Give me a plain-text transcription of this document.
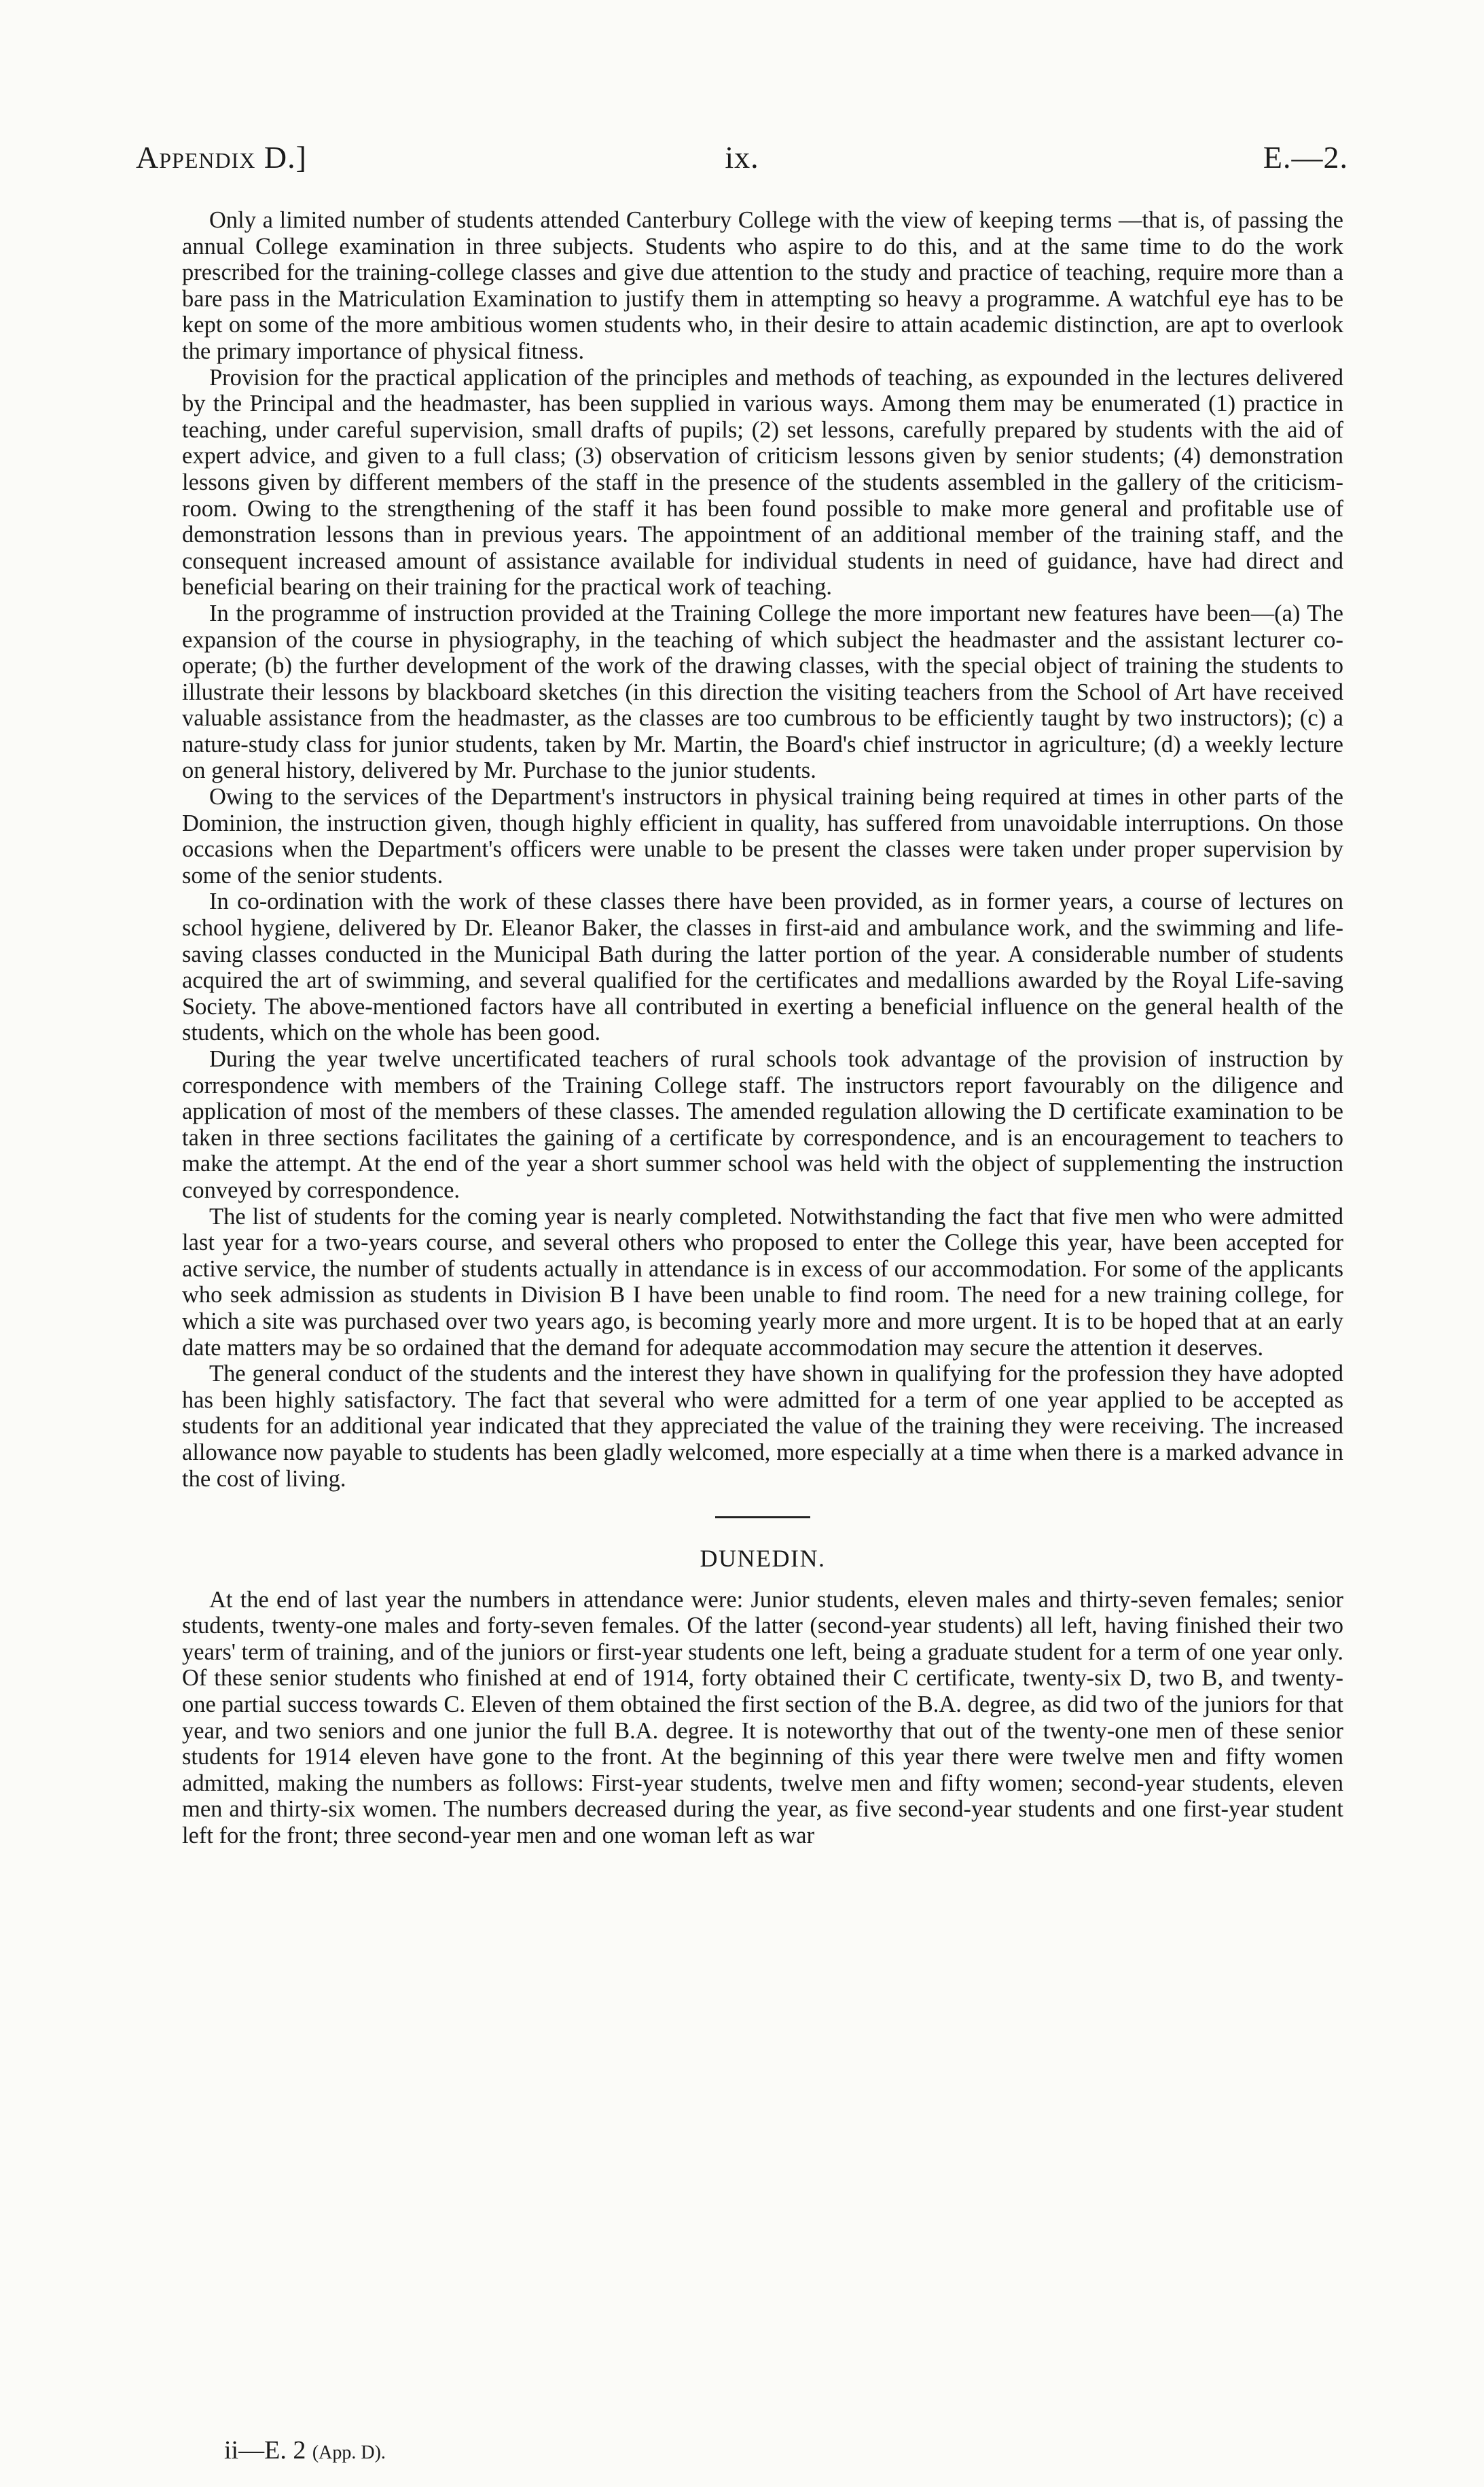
Appendix D.]	ix.	E.—2.

Only a limited number of students attended Canterbury College with the view of keeping terms —that is, of passing the annual College examination in three subjects. Students who aspire to do this, and at the same time to do the work prescribed for the training-college classes and give due attention to the study and practice of teaching, require more than a bare pass in the Matriculation Examination to justify them in attempting so heavy a programme. A watchful eye has to be kept on some of the more ambitious women students who, in their desire to attain academic distinction, are apt to overlook the primary importance of physical fitness.

Provision for the practical application of the principles and methods of teaching, as expounded in the lectures delivered by the Principal and the headmaster, has been supplied in various ways. Among them may be enumerated (1) practice in teaching, under careful supervision, small drafts of pupils; (2) set lessons, carefully prepared by students with the aid of expert advice, and given to a full class; (3) observation of criticism lessons given by senior students; (4) demonstration lessons given by different members of the staff in the presence of the students assembled in the gallery of the criticism-room. Owing to the strengthening of the staff it has been found possible to make more general and profitable use of demonstration lessons than in previous years. The appointment of an additional member of the training staff, and the consequent increased amount of assistance available for individual students in need of guidance, have had direct and beneficial bearing on their training for the practical work of teaching.

In the programme of instruction provided at the Training College the more important new features have been—(a) The expansion of the course in physiography, in the teaching of which subject the headmaster and the assistant lecturer co-operate; (b) the further development of the work of the drawing classes, with the special object of training the students to illustrate their lessons by blackboard sketches (in this direction the visiting teachers from the School of Art have received valuable assistance from the headmaster, as the classes are too cumbrous to be efficiently taught by two instructors); (c) a nature-study class for junior students, taken by Mr. Martin, the Board's chief instructor in agriculture; (d) a weekly lecture on general history, delivered by Mr. Purchase to the junior students.

Owing to the services of the Department's instructors in physical training being required at times in other parts of the Dominion, the instruction given, though highly efficient in quality, has suffered from unavoidable interruptions. On those occasions when the Department's officers were unable to be present the classes were taken under proper supervision by some of the senior students.

In co-ordination with the work of these classes there have been provided, as in former years, a course of lectures on school hygiene, delivered by Dr. Eleanor Baker, the classes in first-aid and ambulance work, and the swimming and life-saving classes conducted in the Municipal Bath during the latter portion of the year. A considerable number of students acquired the art of swimming, and several qualified for the certificates and medallions awarded by the Royal Life-saving Society. The above-mentioned factors have all contributed in exerting a beneficial influence on the general health of the students, which on the whole has been good.

During the year twelve uncertificated teachers of rural schools took advantage of the provision of instruction by correspondence with members of the Training College staff. The instructors report favourably on the diligence and application of most of the members of these classes. The amended regulation allowing the D certificate examination to be taken in three sections facilitates the gaining of a certificate by correspondence, and is an encouragement to teachers to make the attempt. At the end of the year a short summer school was held with the object of supplementing the instruction conveyed by correspondence.

The list of students for the coming year is nearly completed. Notwithstanding the fact that five men who were admitted last year for a two-years course, and several others who proposed to enter the College this year, have been accepted for active service, the number of students actually in attendance is in excess of our accommodation. For some of the applicants who seek admission as students in Division B I have been unable to find room. The need for a new training college, for which a site was purchased over two years ago, is becoming yearly more and more urgent. It is to be hoped that at an early date matters may be so ordained that the demand for adequate accommodation may secure the attention it deserves.

The general conduct of the students and the interest they have shown in qualifying for the profession they have adopted has been highly satisfactory. The fact that several who were admitted for a term of one year applied to be accepted as students for an additional year indicated that they appreciated the value of the training they were receiving. The increased allowance now payable to students has been gladly welcomed, more especially at a time when there is a marked advance in the cost of living.

DUNEDIN.

At the end of last year the numbers in attendance were: Junior students, eleven males and thirty-seven females; senior students, twenty-one males and forty-seven females. Of the latter (second-year students) all left, having finished their two years' term of training, and of the juniors or first-year students one left, being a graduate student for a term of one year only. Of these senior students who finished at end of 1914, forty obtained their C certificate, twenty-six D, two B, and twenty-one partial success towards C. Eleven of them obtained the first section of the B.A. degree, as did two of the juniors for that year, and two seniors and one junior the full B.A. degree. It is noteworthy that out of the twenty-one men of these senior students for 1914 eleven have gone to the front. At the beginning of this year there were twelve men and fifty women admitted, making the numbers as follows: First-year students, twelve men and fifty women; second-year students, eleven men and thirty-six women. The numbers decreased during the year, as five second-year students and one first-year student left for the front; three second-year men and one woman left as war

ii—E. 2 (App. D).
